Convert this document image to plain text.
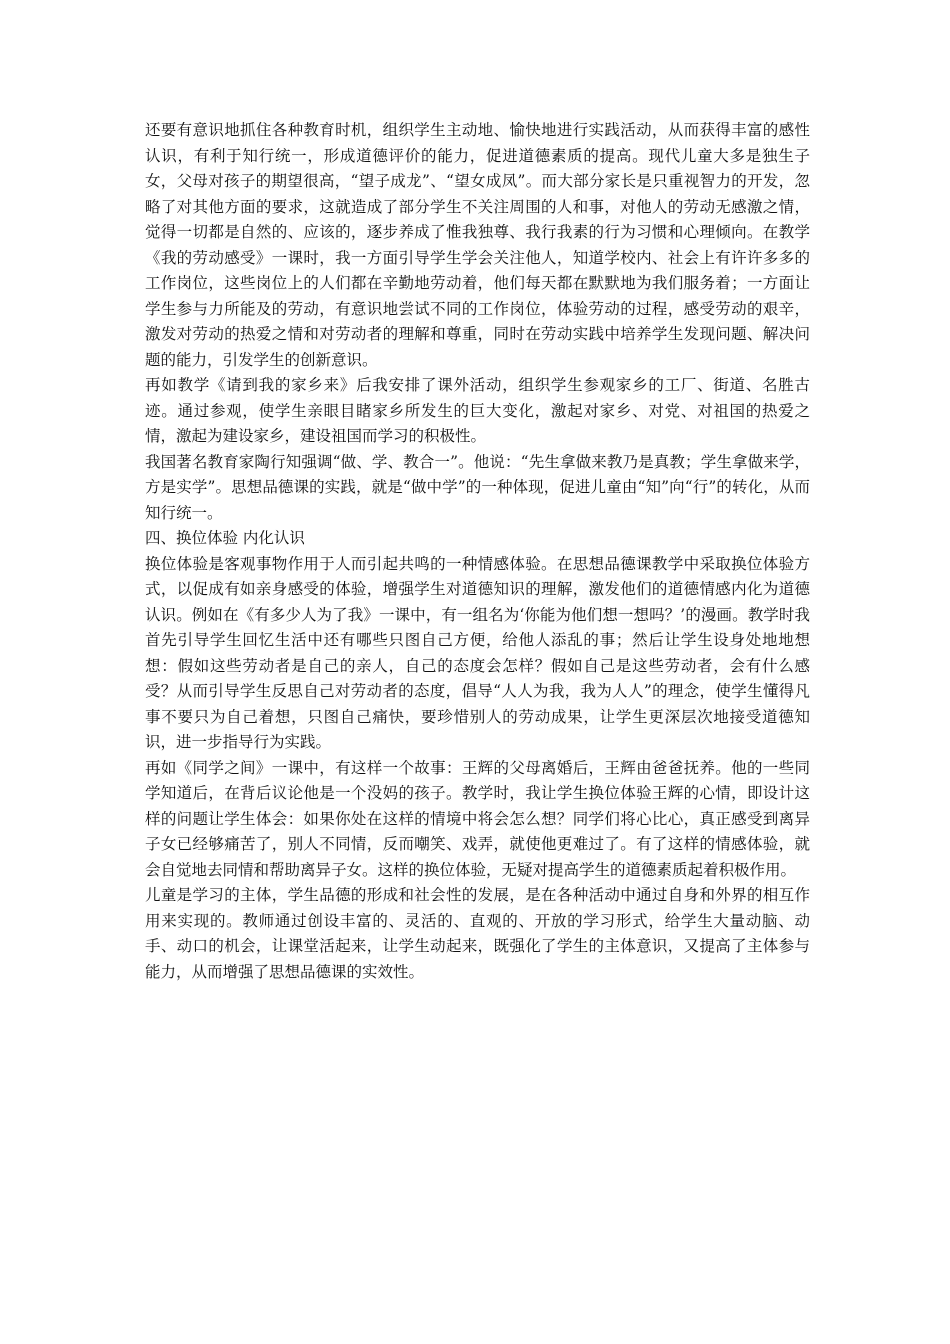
还要有意识地抓住各种教育时机，组织学生主动地、愉快地进行实践活动，从而获得丰富的感性认识，有利于知行统一，形成道德评价的能力，促进道德素质的提高。现代儿童大多是独生子女，父母对孩子的期望很高，“望子成龙”、“望女成凤”。而大部分家长是只重视智力的开发，忽略了对其他方面的要求，这就造成了部分学生不关注周围的人和事，对他人的劳动无感激之情，觉得一切都是自然的、应该的，逐步养成了惟我独尊、我行我素的行为习惯和心理倾向。在教学《我的劳动感受》一课时，我一方面引导学生学会关注他人，知道学校内、社会上有许许多多的工作岗位，这些岗位上的人们都在辛勤地劳动着，他们每天都在默默地为我们服务着；一方面让学生参与力所能及的劳动，有意识地尝试不同的工作岗位，体验劳动的过程，感受劳动的艰辛，激发对劳动的热爱之情和对劳动者的理解和尊重，同时在劳动实践中培养学生发现问题、解决问题的能力，引发学生的创新意识。

再如教学《请到我的家乡来》后我安排了课外活动，组织学生参观家乡的工厂、街道、名胜古迹。通过参观，使学生亲眼目睹家乡所发生的巨大变化，激起对家乡、对党、对祖国的热爱之情，激起为建设家乡，建设祖国而学习的积极性。

我国著名教育家陶行知强调“做、学、教合一”。他说：“先生拿做来教乃是真教；学生拿做来学，方是实学”。思想品德课的实践，就是“做中学”的一种体现，促进儿童由“知”向“行”的转化，从而知行统一。

四、换位体验 内化认识

换位体验是客观事物作用于人而引起共鸣的一种情感体验。在思想品德课教学中采取换位体验方式，以促成有如亲身感受的体验，增强学生对道德知识的理解，激发他们的道德情感内化为道德认识。例如在《有多少人为了我》一课中，有一组名为‘你能为他们想一想吗？’的漫画。教学时我首先引导学生回忆生活中还有哪些只图自己方便，给他人添乱的事；然后让学生设身处地地想想：假如这些劳动者是自己的亲人，自己的态度会怎样？假如自己是这些劳动者，会有什么感受？从而引导学生反思自己对劳动者的态度，倡导“人人为我，我为人人”的理念，使学生懂得凡事不要只为自己着想，只图自己痛快，要珍惜别人的劳动成果，让学生更深层次地接受道德知识，进一步指导行为实践。

再如《同学之间》一课中，有这样一个故事：王辉的父母离婚后，王辉由爸爸抚养。他的一些同学知道后，在背后议论他是一个没妈的孩子。教学时，我让学生换位体验王辉的心情，即设计这样的问题让学生体会：如果你处在这样的情境中将会怎么想？同学们将心比心，真正感受到离异子女已经够痛苦了，别人不同情，反而嘲笑、戏弄，就使他更难过了。有了这样的情感体验，就会自觉地去同情和帮助离异子女。这样的换位体验，无疑对提高学生的道德素质起着积极作用。

儿童是学习的主体，学生品德的形成和社会性的发展，是在各种活动中通过自身和外界的相互作用来实现的。教师通过创设丰富的、灵活的、直观的、开放的学习形式，给学生大量动脑、动手、动口的机会，让课堂活起来，让学生动起来，既强化了学生的主体意识，又提高了主体参与能力，从而增强了思想品德课的实效性。
